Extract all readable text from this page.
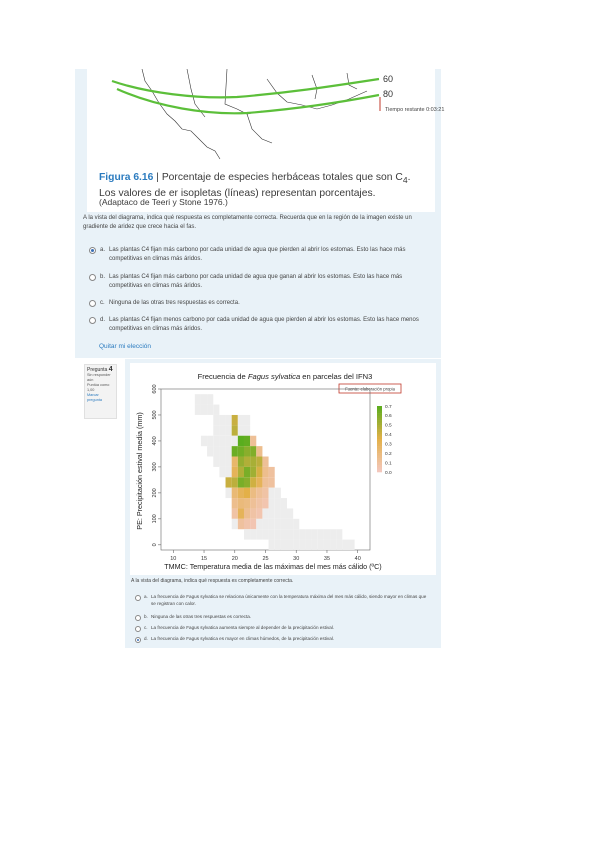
60
80
Tiempo restante 0:03:21
Figura 6.16 | Porcentaje de especies herbáceas totales que son $C_4$. Los valores de er isopletas (líneas) representan porcentajes.
(Adaptaco de Teeri y Stone 1976.)
A la vista del diagrama, indica qué respuesta es completamente correcta. Recuerda que en la región de la imagen existe un gradiente de aridez que crece hacia el fas.
a. Las plantas C4 fijan más carbono por cada unidad de agua que pierden al abrir los estomas. Esto las hace más competitivas en climas más áridos.
b. Las plantas C4 fijan más carbono por cada unidad de agua que ganan al abrir los estomas. Esto las hace más competitivas en climas más áridos.
c. Ninguna de las otras tres respuestas es correcta.
d. Las plantas C4 fijan menos carbono por cada unidad de agua que pierden al abrir los estomas. Esto las hace menos competitivas en climas más áridos.
Quitar mi elección
Pregunta 4
Sin responder
aún
Puntúa como
1,00
Marcar
pregunta
Frecuencia de Fagus sylvatica en parcelas del IFN3
Fuente: elaboración propia
10	15	20	25	30	35	40
0
100
200
300
400
500
600
0.7
0.6
0.5
0.4
0.3
0.2
0.1
0.0
TMMC: Temperatura media de las máximas del mes más cálido (ºC)
PE: Precipitación estival media (mm)
A la vista del diagrama, indica qué respuesta es completamente correcta.
a. La frecuencia de Fagus sylvatica se relaciona únicamente con la temperatura máxima del mes más cálido, siendo mayor en climas que se registran con calor.
b. Ninguna de las otras tres respuestas es correcta.
c. La frecuencia de Fagus sylvatica aumenta siempre al depender de la precipitación estival.
d. La frecuencia de Fagus sylvatica es mayor en climas húmedos, de la precipitación estival.
